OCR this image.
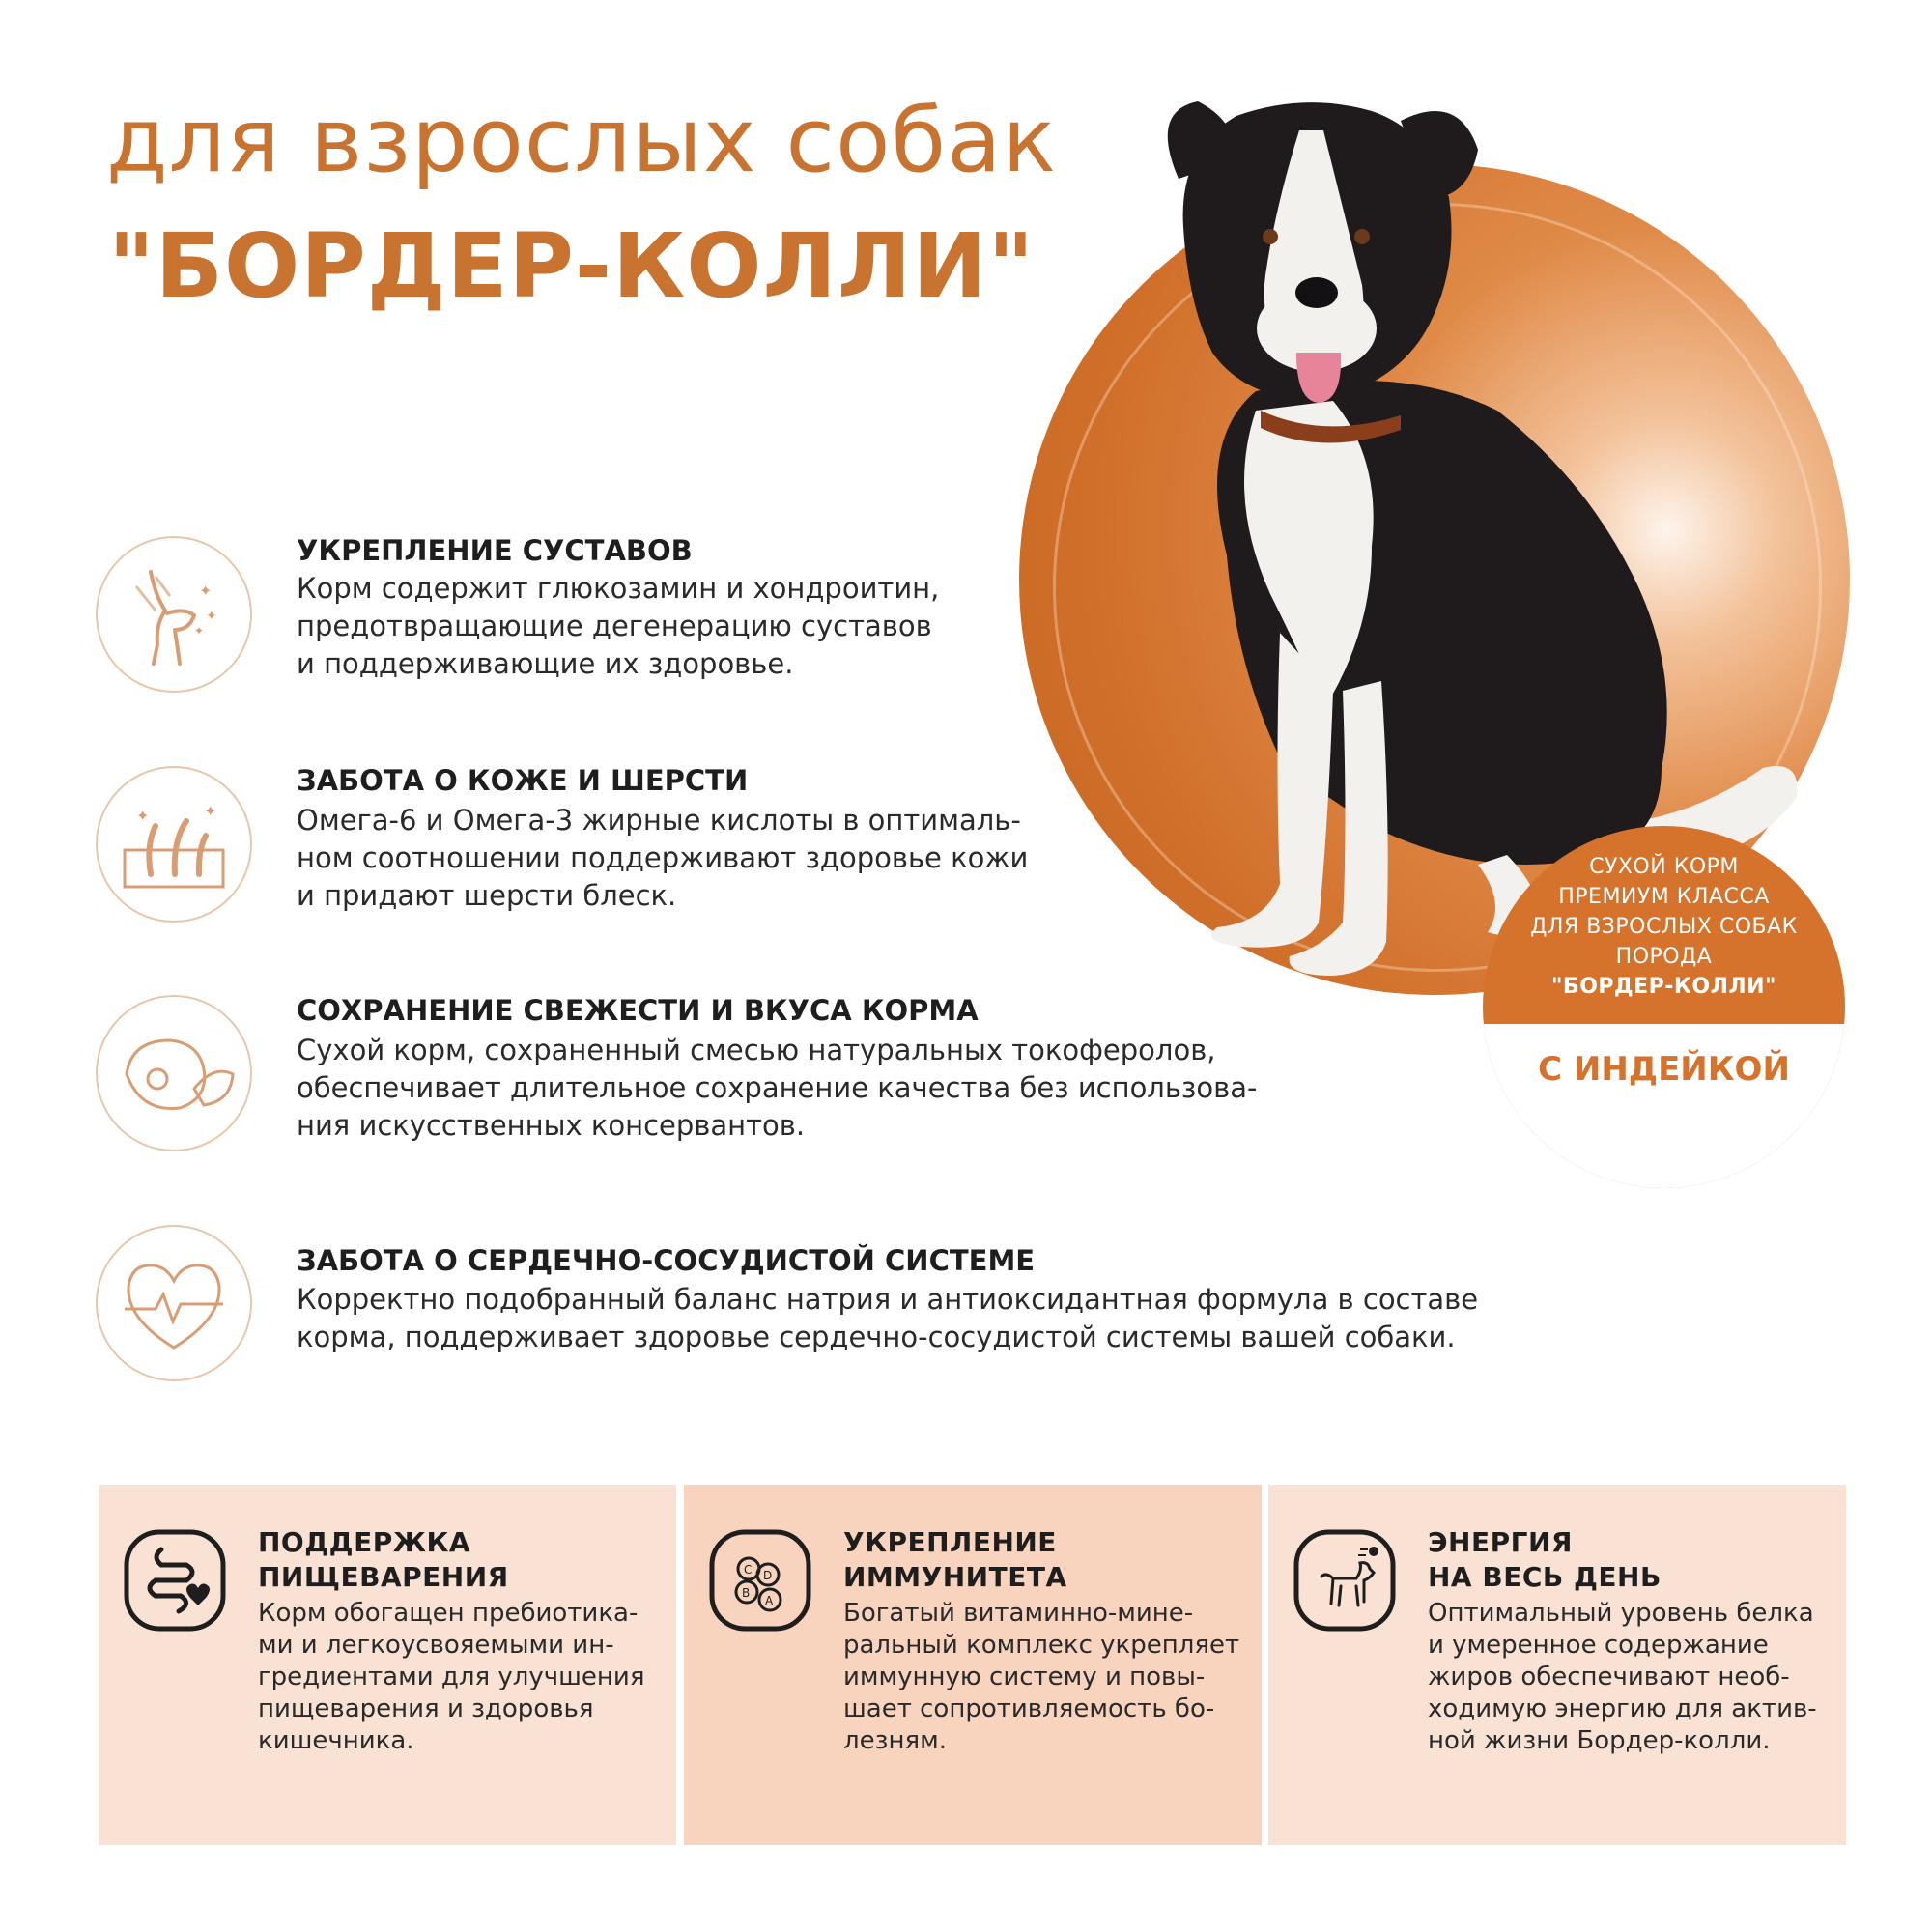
для взрослых собак
"БОРДЕР-КОЛЛИ"
СУХОЙ КОРМ
ПРЕМИУМ КЛАССА
ДЛЯ ВЗРОСЛЫХ СОБАК
ПОРОДА
"БОРДЕР-КОЛЛИ"
С ИНДЕЙКОЙ
✦
✦
✦
УКРЕПЛЕНИЕ СУСТАВОВ
Корм содержит глюкозамин и хондроитин,
предотвращающие дегенерацию суставов
и поддерживающие их здоровье.
✦	✦
ЗАБОТА О КОЖЕ И ШЕРСТИ
Омега-6 и Омега-3 жирные кислоты в оптималь-
ном соотношении поддерживают здоровье кожи
и придают шерсти блеск.
СОХРАНЕНИЕ СВЕЖЕСТИ И ВКУСА КОРМА
Сухой корм, сохраненный смесью натуральных токоферолов,
обеспечивает длительное сохранение качества без использова-
ния искусственных консервантов.
ЗАБОТА О СЕРДЕЧНО-СОСУДИСТОЙ СИСТЕМЕ
Корректно подобранный баланс натрия и антиоксидантная формула в составе
корма, поддерживает здоровье сердечно-сосудистой системы вашей собаки.
ПОДДЕРЖКА
ПИЩЕВАРЕНИЯ
Корм обогащен пребиотика-
ми и легкоусвояемыми ин-
гредиентами для улучшения
пищеварения и здоровья
кишечника.
C D
B
A
УКРЕПЛЕНИЕ
ИММУНИТЕТА
Богатый витаминно-мине-
ральный комплекс укрепляет
иммунную систему и повы-
шает сопротивляемость бо-
лезням.
ЭНЕРГИЯ
НА ВЕСЬ ДЕНЬ
Оптимальный уровень белка
и умеренное содержание
жиров обеспечивают необ-
ходимую энергию для актив-
ной жизни Бордер-колли.
